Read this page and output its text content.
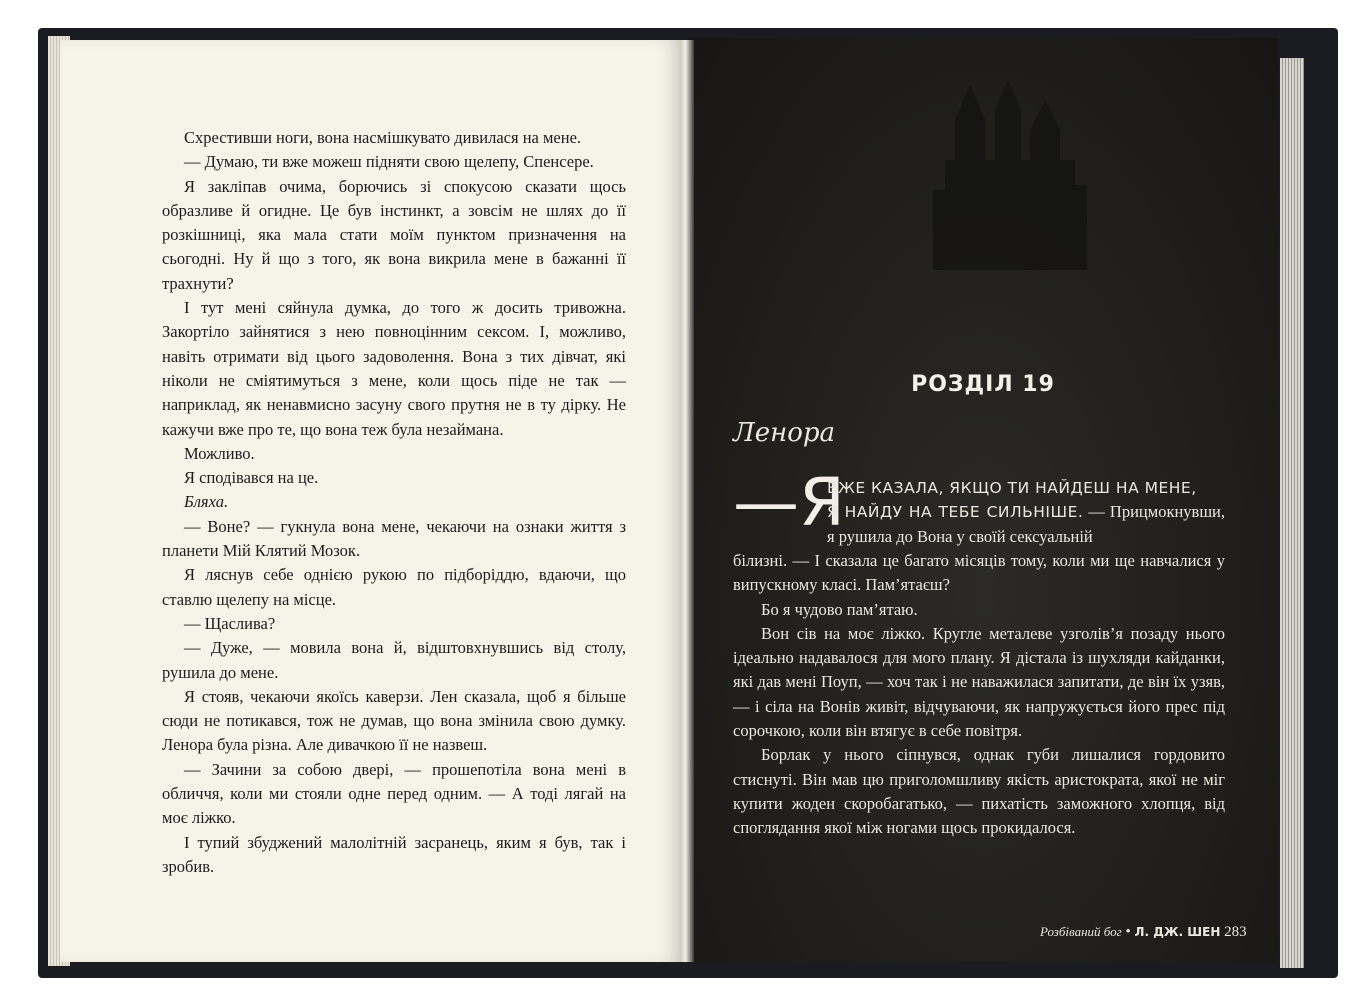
Схрестивши ноги, вона насмішкувато дивилася на мене.

— Думаю, ти вже можеш підняти свою щелепу, Спенсере.

Я закліпав очима, борючись зі спокусою сказати щось образливе й огидне. Це був інстинкт, а зовсім не шлях до її розкішниці, яка мала стати моїм пунктом призначення на сьогодні. Ну й що з того, як вона викрила мене в бажанні її трахнути?

І тут мені сяйнула думка, до того ж досить тривожна. Закортіло зайнятися з нею повноцінним сексом. І, можливо, навіть отримати від цього задоволення. Вона з тих дівчат, які ніколи не сміятимуться з мене, коли щось піде не так — наприклад, як ненавмисно засуну свого прутня не в ту дірку. Не кажучи вже про те, що вона теж була незаймана.

Можливо.

Я сподівався на це.

Бляха.

— Воне? — гукнула вона мене, чекаючи на ознаки життя з планети Мій Клятий Мозок.

Я ляснув себе однією рукою по підборіддю, вдаючи, що ставлю щелепу на місце.

— Щаслива?

— Дуже, — мовила вона й, відштовхнувшись від столу, рушила до мене.

Я стояв, чекаючи якоїсь каверзи. Лен сказала, щоб я більше сюди не потикався, тож не думав, що вона змінила свою думку. Ленора була різна. Але дивачкою її не назвеш.

— Зачини за собою двері, — прошепотіла вона мені в обличчя, коли ми стояли одне перед одним. — А тоді лягай на моє ліжко.

І тупий збуджений малолітній засранець, яким я був, так і зробив.

РОЗДІЛ 19
Ленора
—Я
ВЖЕ КАЗАЛА, ЯКЩО ТИ НАЙДЕШ НА МЕНЕ,
Я НАЙДУ НА ТЕБЕ СИЛЬНІШЕ. — Прицмокнувши, я рушила до Вона у своїй сексуальній

білизні. — І сказала це багато місяців тому, коли ми ще навчалися у випускному класі. Пам’ятаєш?

Бо я чудово пам’ятаю.

Вон сів на моє ліжко. Кругле металеве узголів’я позаду нього ідеально надавалося для мого плану. Я дістала із шухляди кайданки, які дав мені Поуп, — хоч так і не наважилася запитати, де він їх узяв, — і сіла на Вонів живіт, відчуваючи, як напружується його прес під сорочкою, коли він втягує в себе повітря.

Борлак у нього сіпнувся, однак губи лишалися гордовито стиснуті. Він мав цю приголомшливу якість аристократа, якої не міг купити жоден скоробагатько, — пихатість заможного хлопця, від споглядання якої між ногами щось прокидалося.

Розбіваний бог • Л. ДЖ. ШЕН 283
